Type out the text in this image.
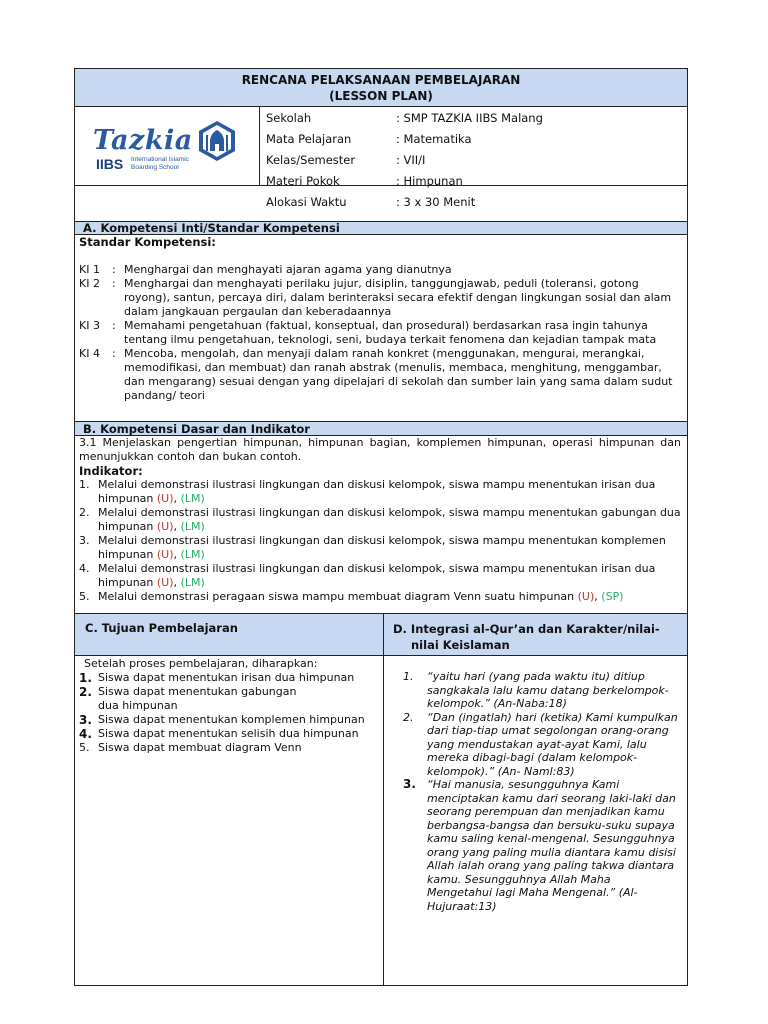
RENCANA PELAKSANAAN PEMBELAJARAN
(LESSON PLAN)
Tazkia
IIBS International Islamic
Boarding School
Sekolah	: SMP TAZKIA IIBS Malang
Mata Pelajaran	: Matematika
Kelas/Semester	: VII/I
Materi Pokok	: Himpunan
Alokasi Waktu	: 3 x 30 Menit
A. Kompetensi Inti/Standar Kompetensi
Standar Kompetensi:
KI 1	: Menghargai dan menghayati ajaran agama yang dianutnya
KI 2	: Menghargai dan menghayati perilaku jujur, disiplin, tanggungjawab, peduli (toleransi, gotong royong), santun, percaya diri, dalam berinteraksi secara efektif dengan lingkungan sosial dan alam dalam jangkauan pergaulan dan keberadaannya
KI 3	: Memahami pengetahuan (faktual, konseptual, dan prosedural) berdasarkan rasa ingin tahunya tentang ilmu pengetahuan, teknologi, seni, budaya terkait fenomena dan kejadian tampak mata
KI 4	: Mencoba, mengolah, dan menyaji dalam ranah konkret (menggunakan, mengurai, merangkai, memodifikasi, dan membuat) dan ranah abstrak (menulis, membaca, menghitung, menggambar, dan mengarang) sesuai dengan yang dipelajari di sekolah dan sumber lain yang sama dalam sudut pandang/ teori
B. Kompetensi Dasar dan Indikator
3.1 Menjelaskan pengertian himpunan, himpunan bagian, komplemen himpunan, operasi himpunan dan menunjukkan contoh dan bukan contoh.
Indikator:
1. Melalui demonstrasi ilustrasi lingkungan dan diskusi kelompok, siswa mampu menentukan irisan dua himpunan (U), (LM)
2. Melalui demonstrasi ilustrasi lingkungan dan diskusi kelompok, siswa mampu menentukan gabungan dua himpunan (U), (LM)
3. Melalui demonstrasi ilustrasi lingkungan dan diskusi kelompok, siswa mampu menentukan komplemen himpunan (U), (LM)
4. Melalui demonstrasi ilustrasi lingkungan dan diskusi kelompok, siswa mampu menentukan irisan dua himpunan (U), (LM)
5. Melalui demonstrasi peragaan siswa mampu membuat diagram Venn suatu himpunan (U), (SP)
C. Tujuan Pembelajaran	D. Integrasi al-Qur’an dan Karakter/nilai-
nilai Keislaman
Setelah proses pembelajaran, diharapkan:
1. Siswa dapat menentukan irisan dua himpunan
2. Siswa dapat menentukan gabungan dua himpunan
3. Siswa dapat menentukan komplemen himpunan
4. Siswa dapat menentukan selisih dua himpunan
5. Siswa dapat membuat diagram Venn
1.	“yaitu hari (yang pada waktu itu) ditiup sangkakala lalu kamu datang berkelompok-kelompok.” (An-Naba:18)
2.	“Dan (ingatlah) hari (ketika) Kami kumpulkan dari tiap-tiap umat segolongan orang-orang yang mendustakan ayat-ayat Kami, lalu mereka dibagi-bagi (dalam kelompok-kelompok).” (An- Naml:83)
3.	“Hai manusia, sesungguhnya Kami menciptakan kamu dari seorang laki-laki dan seorang perempuan dan menjadikan kamu berbangsa-bangsa dan bersuku-suku supaya kamu saling kenal-mengenal. Sesungguhnya orang yang paling mulia diantara kamu disisi Allah ialah orang yang paling takwa diantara kamu. Sesungguhnya Allah Maha Mengetahui lagi Maha Mengenal.” (Al-Hujuraat:13)
